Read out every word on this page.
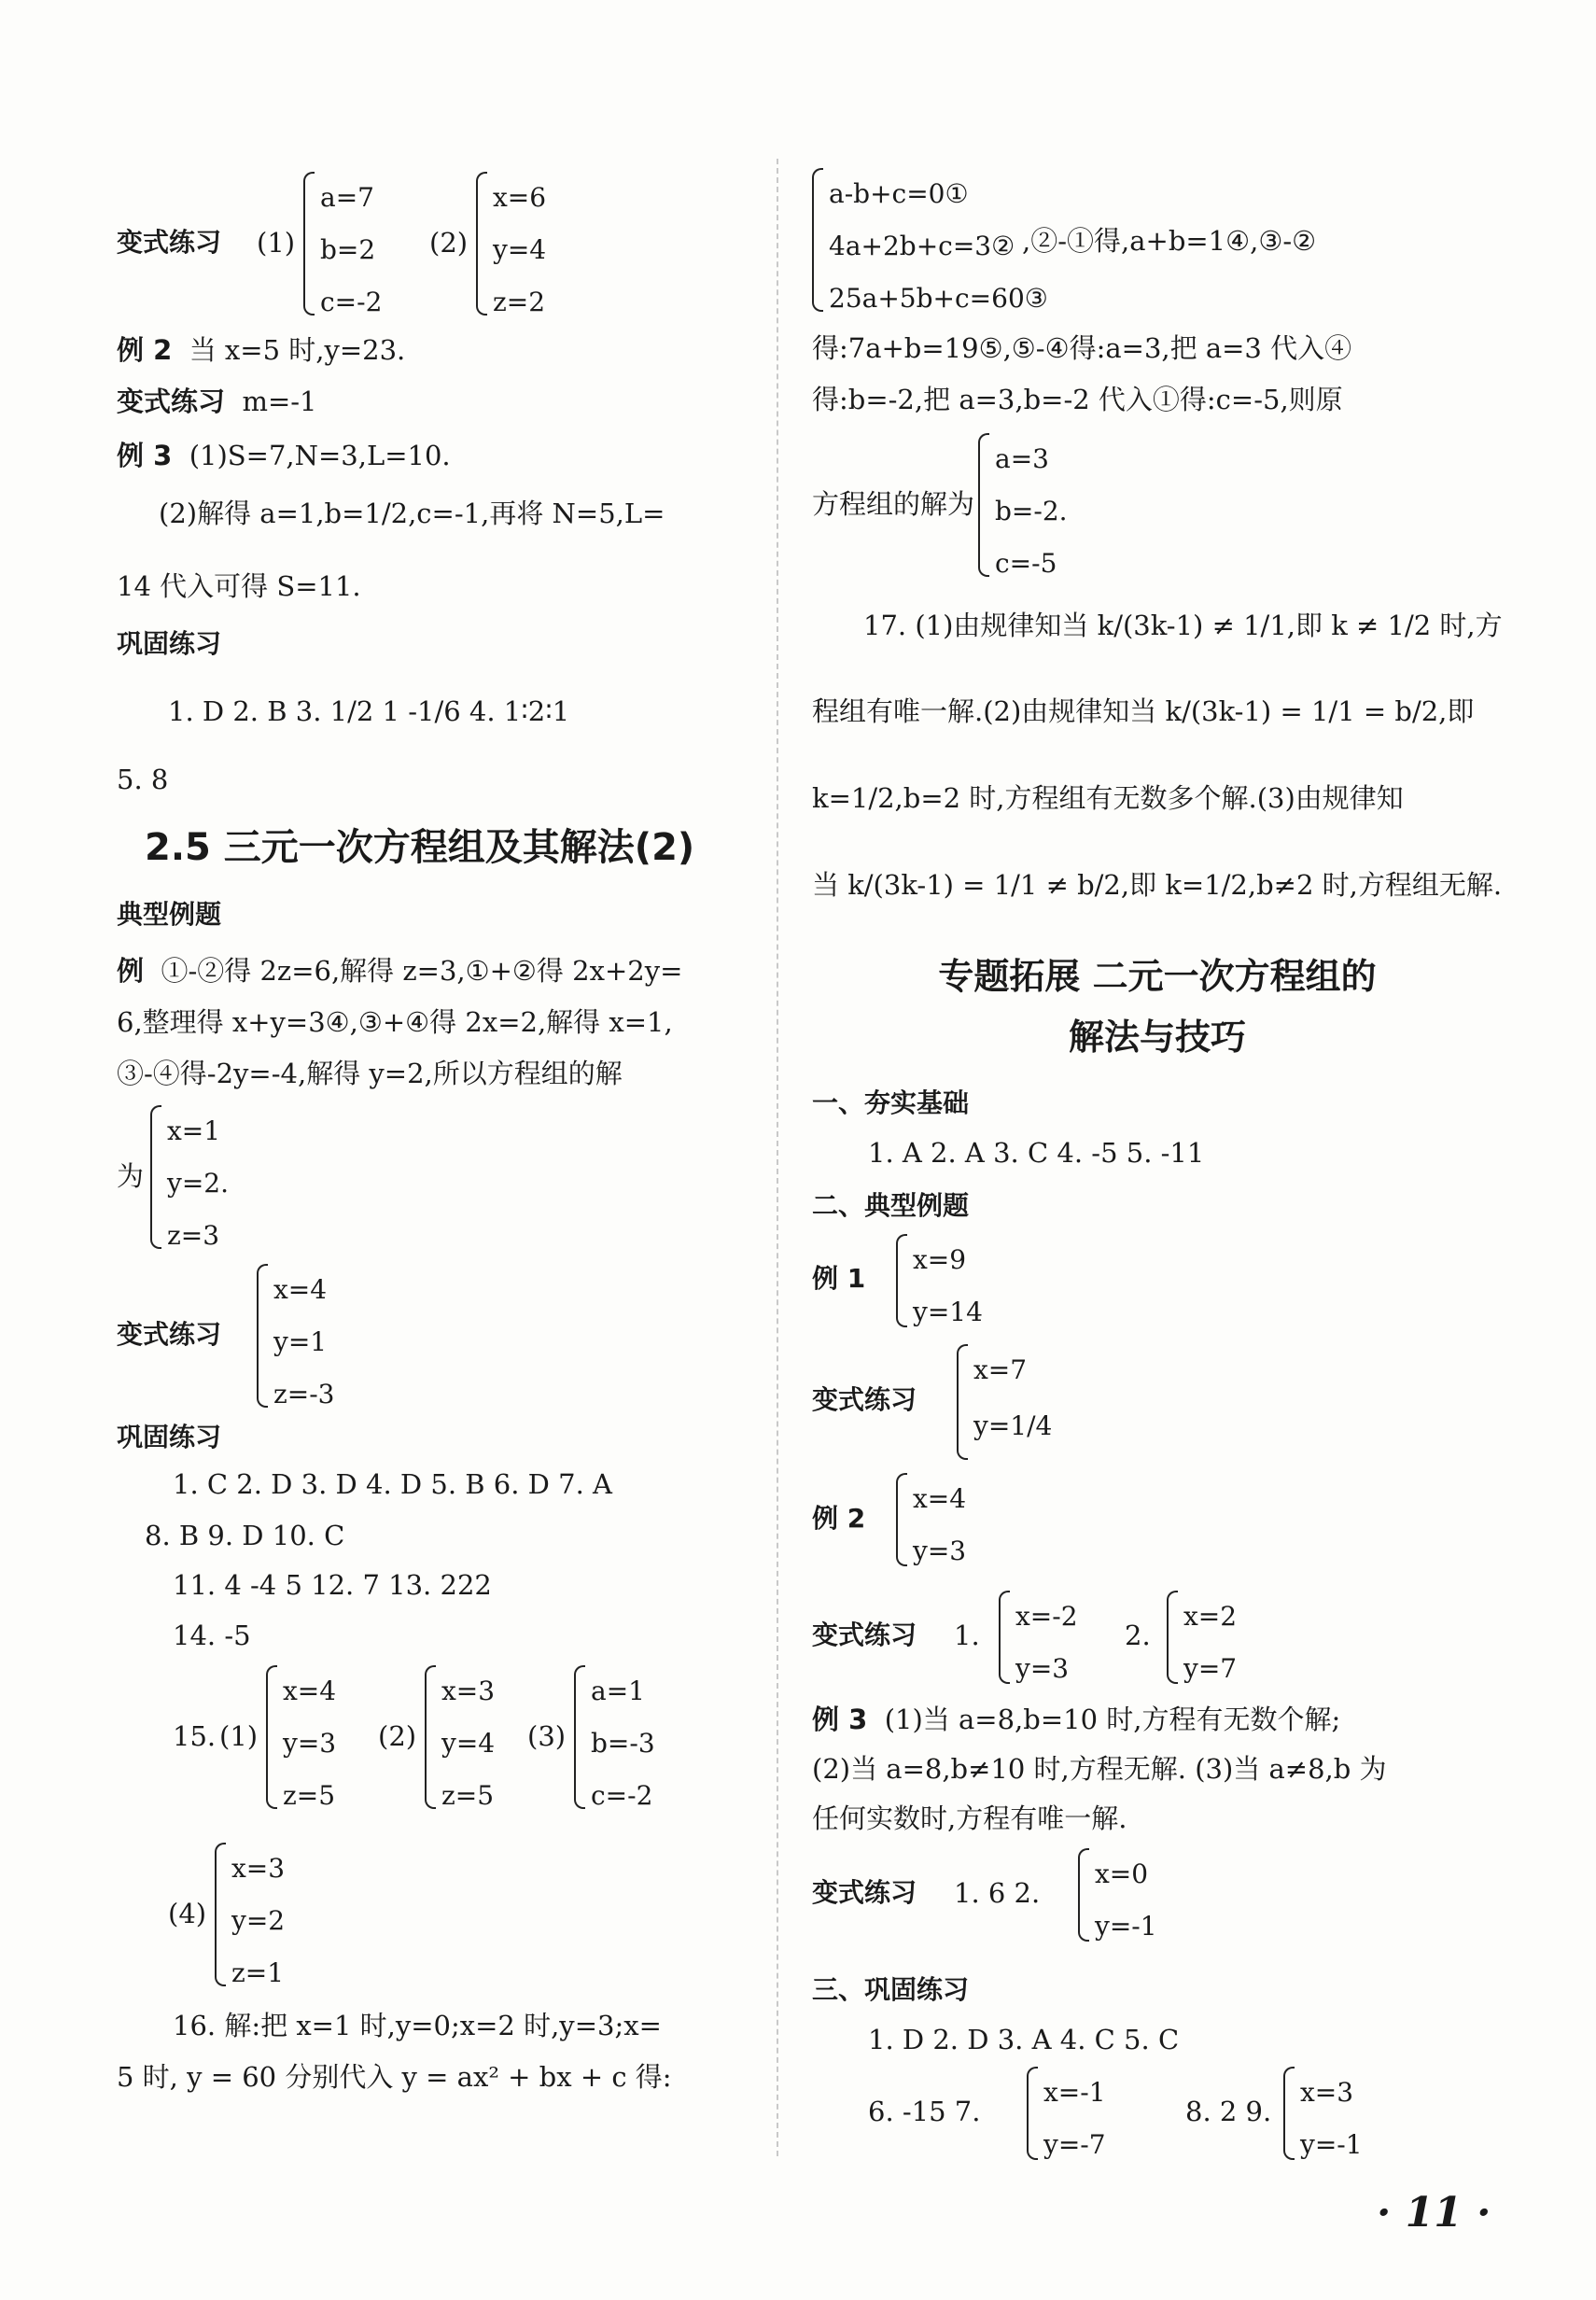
变式练习 (1)
a=7
b=2
c=-2
(2)
x=6
y=4
z=2
例 2 当 x=5 时,y=23.
变式练习 m=-1
例 3 (1)S=7,N=3,L=10.
(2)解得 a=1,b=1/2,c=-1,再将 N=5,L=
14 代入可得 S=11.
巩固练习
1. D 2. B 3. 1/2 1 -1/6 4. 1∶2∶1
5. 8
2.5 三元一次方程组及其解法(2)
典型例题
例 ①-②得 2z=6,解得 z=3,①+②得 2x+2y=
6,整理得 x+y=3④,③+④得 2x=2,解得 x=1,
③-④得-2y=-4,解得 y=2,所以方程组的解
为
x=1
y=2.
z=3
变式练习
x=4
y=1
z=-3
巩固练习
1. C 2. D 3. D 4. D 5. B 6. D 7. A
8. B 9. D 10. C
11. 4 -4 5 12. 7 13. 222
14. -5
15. (1)
x=4
y=3
z=5
(2)
x=3
y=4
z=5
(3)
a=1
b=-3
c=-2
(4)
x=3
y=2
z=1
16. 解:把 x=1 时,y=0;x=2 时,y=3;x=
5 时, y = 60 分别代入 y = ax² + bx + c 得:
a-b+c=0①
4a+2b+c=3②
25a+5b+c=60③
,②-①得,a+b=1④,③-②
得:7a+b=19⑤,⑤-④得:a=3,把 a=3 代入④
得:b=-2,把 a=3,b=-2 代入①得:c=-5,则原
方程组的解为
a=3
b=-2.
c=-5
17. (1)由规律知当 k/(3k-1) ≠ 1/1,即 k ≠ 1/2 时,方
程组有唯一解.(2)由规律知当 k/(3k-1) = 1/1 = b/2,即
k=1/2,b=2 时,方程组有无数多个解.(3)由规律知
当 k/(3k-1) = 1/1 ≠ b/2,即 k=1/2,b≠2 时,方程组无解.
专题拓展 二元一次方程组的
解法与技巧
一、夯实基础
1. A 2. A 3. C 4. -5 5. -11
二、典型例题
例 1
x=9
y=14
变式练习
x=7
y=1/4
例 2
x=4
y=3
变式练习 1.
x=-2
y=3
2.
x=2
y=7
例 3 (1)当 a=8,b=10 时,方程有无数个解;
(2)当 a=8,b≠10 时,方程无解. (3)当 a≠8,b 为
任何实数时,方程有唯一解.
变式练习 1. 6 2.
x=0
y=-1
三、巩固练习
1. D 2. D 3. A 4. C 5. C
6. -15 7.
x=-1
y=-7
8. 2 9.
x=3
y=-1
· 11 ·
